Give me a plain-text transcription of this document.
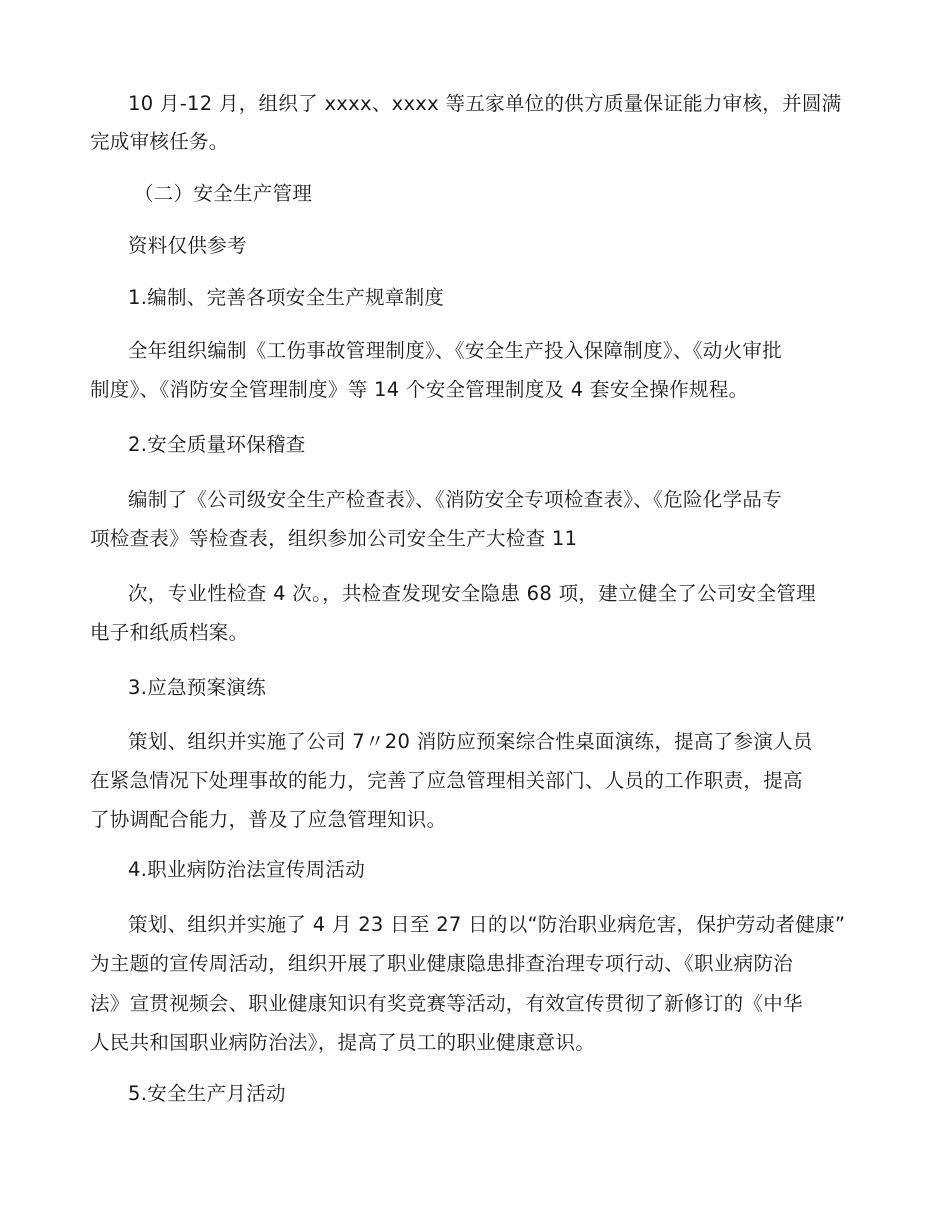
10 月-12 月，组织了 xxxx、xxxx 等五家单位的供方质量保证能力审核，并圆满
完成审核任务。
（二）安全生产管理
资料仅供参考
1.编制、完善各项安全生产规章制度
全年组织编制《工伤事故管理制度》、《安全生产投入保障制度》、《动火审批
制度》、《消防安全管理制度》等 14 个安全管理制度及 4 套安全操作规程。
2.安全质量环保稽查
编制了《公司级安全生产检查表》、《消防安全专项检查表》、《危险化学品专
项检查表》等检查表，组织参加公司安全生产大检查 11
次，专业性检查 4 次。，共检查发现安全隐患 68 项，建立健全了公司安全管理
电子和纸质档案。
3.应急预案演练
策划、组织并实施了公司 7〃20 消防应预案综合性桌面演练，提高了参演人员
在紧急情况下处理事故的能力，完善了应急管理相关部门、人员的工作职责，提高
了协调配合能力，普及了应急管理知识。
4.职业病防治法宣传周活动
策划、组织并实施了 4 月 23 日至 27 日的以“防治职业病危害，保护劳动者健康”
为主题的宣传周活动，组织开展了职业健康隐患排查治理专项行动、《职业病防治
法》宣贯视频会、职业健康知识有奖竞赛等活动，有效宣传贯彻了新修订的《中华
人民共和国职业病防治法》，提高了员工的职业健康意识。
5.安全生产月活动
